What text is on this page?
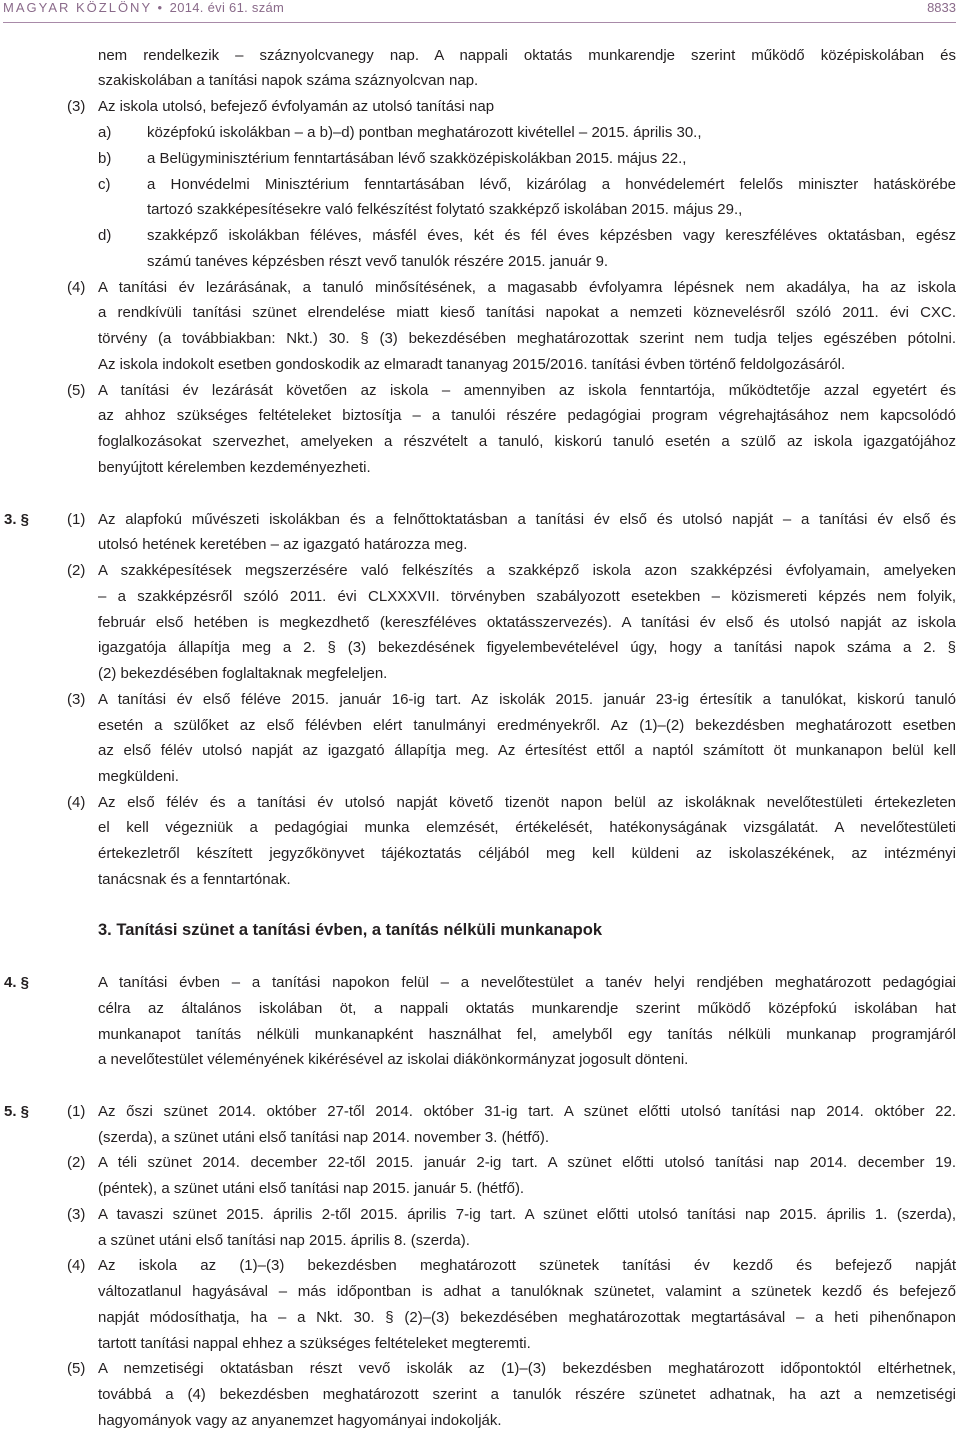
MAGYAR KÖZLÖNY • 2014. évi 61. szám	8833
nem rendelkezik – száznyolcvanegy nap. A nappali oktatás munkarendje szerint működő középiskolában és
szakiskolában a tanítási napok száma száznyolcvan nap.
(3) Az iskola utolsó, befejező évfolyamán az utolsó tanítási nap
a) középfokú iskolákban – a b)–d) pontban meghatározott kivétellel – 2015. április 30.,
b) a Belügyminisztérium fenntartásában lévő szakközépiskolákban 2015. május 22.,
c) a Honvédelmi Minisztérium fenntartásában lévő, kizárólag a honvédelemért felelős miniszter hatáskörébe
tartozó szakképesítésekre való felkészítést folytató szakképző iskolában 2015. május 29.,
d) szakképző iskolákban féléves, másfél éves, két és fél éves képzésben vagy kereszféléves oktatásban, egész
számú tanéves képzésben részt vevő tanulók részére 2015. január 9.
(4) A tanítási év lezárásának, a tanuló minősítésének, a magasabb évfolyamra lépésnek nem akadálya, ha az iskola
a rendkívüli tanítási szünet elrendelése miatt kieső tanítási napokat a nemzeti köznevelésről szóló 2011. évi CXC.
törvény (a továbbiakban: Nkt.) 30. § (3) bekezdésében meghatározottak szerint nem tudja teljes egészében pótolni.
Az iskola indokolt esetben gondoskodik az elmaradt tananyag 2015/2016. tanítási évben történő feldolgozásáról.
(5) A tanítási év lezárását követően az iskola – amennyiben az iskola fenntartója, működtetője azzal egyetért és
az ahhoz szükséges feltételeket biztosítja – a tanulói részére pedagógiai program végrehajtásához nem kapcsolódó
foglalkozásokat szervezhet, amelyeken a részvételt a tanuló, kiskorú tanuló esetén a szülő az iskola igazgatójához
benyújtott kérelemben kezdeményezheti.
3. §	(1) Az alapfokú művészeti iskolákban és a felnőttoktatásban a tanítási év első és utolsó napját – a tanítási év első és
utolsó hetének keretében – az igazgató határozza meg.
(2) A szakképesítések megszerzésére való felkészítés a szakképző iskola azon szakképzési évfolyamain, amelyeken
– a szakképzésről szóló 2011. évi CLXXXVII. törvényben szabályozott esetekben – közismereti képzés nem folyik,
február első hetében is megkezdhető (kereszféléves oktatásszervezés). A tanítási év első és utolsó napját az iskola
igazgatója állapítja meg a 2. § (3) bekezdésének figyelembevételével úgy, hogy a tanítási napok száma a 2. §
(2) bekezdésében foglaltaknak megfeleljen.
(3) A tanítási év első féléve 2015. január 16-ig tart. Az iskolák 2015. január 23-ig értesítik a tanulókat, kiskorú tanuló
esetén a szülőket az első félévben elért tanulmányi eredményekről. Az (1)–(2) bekezdésben meghatározott esetben
az első félév utolsó napját az igazgató állapítja meg. Az értesítést ettől a naptól számított öt munkanapon belül kell
megküldeni.
(4) Az első félév és a tanítási év utolsó napját követő tizenöt napon belül az iskoláknak nevelőtestületi értekezleten
el kell végezniük a pedagógiai munka elemzését, értékelését, hatékonyságának vizsgálatát. A nevelőtestületi
értekezletről készített jegyzőkönyvet tájékoztatás céljából meg kell küldeni az iskolaszékének, az intézményi
tanácsnak és a fenntartónak.
3. Tanítási szünet a tanítási évben, a tanítás nélküli munkanapok
4. §	A tanítási évben – a tanítási napokon felül – a nevelőtestület a tanév helyi rendjében meghatározott pedagógiai
célra az általános iskolában öt, a nappali oktatás munkarendje szerint működő középfokú iskolában hat
munkanapot tanítás nélküli munkanapként használhat fel, amelyből egy tanítás nélküli munkanap programjáról
a nevelőtestület véleményének kikérésével az iskolai diákönkormányzat jogosult dönteni.
5. §	(1) Az őszi szünet 2014. október 27-től 2014. október 31-ig tart. A szünet előtti utolsó tanítási nap 2014. október 22.
(szerda), a szünet utáni első tanítási nap 2014. november 3. (hétfő).
(2) A téli szünet 2014. december 22-től 2015. január 2-ig tart. A szünet előtti utolsó tanítási nap 2014. december 19.
(péntek), a szünet utáni első tanítási nap 2015. január 5. (hétfő).
(3) A tavaszi szünet 2015. április 2-től 2015. április 7-ig tart. A szünet előtti utolsó tanítási nap 2015. április 1. (szerda),
a szünet utáni első tanítási nap 2015. április 8. (szerda).
(4) Az iskola az (1)–(3) bekezdésben meghatározott szünetek tanítási év kezdő és befejező napját
változatlanul hagyásával – más időpontban is adhat a tanulóknak szünetet, valamint a szünetek kezdő és befejező
napját módosíthatja, ha – a Nkt. 30. § (2)–(3) bekezdésében meghatározottak megtartásával – a heti pihenőnapon
tartott tanítási nappal ehhez a szükséges feltételeket megteremti.
(5) A nemzetiségi oktatásban részt vevő iskolák az (1)–(3) bekezdésben meghatározott időpontoktól eltérhetnek,
továbbá a (4) bekezdésben meghatározott szerint a tanulók részére szünetet adhatnak, ha azt a nemzetiségi
hagyományok vagy az anyanemzet hagyományai indokolják.
